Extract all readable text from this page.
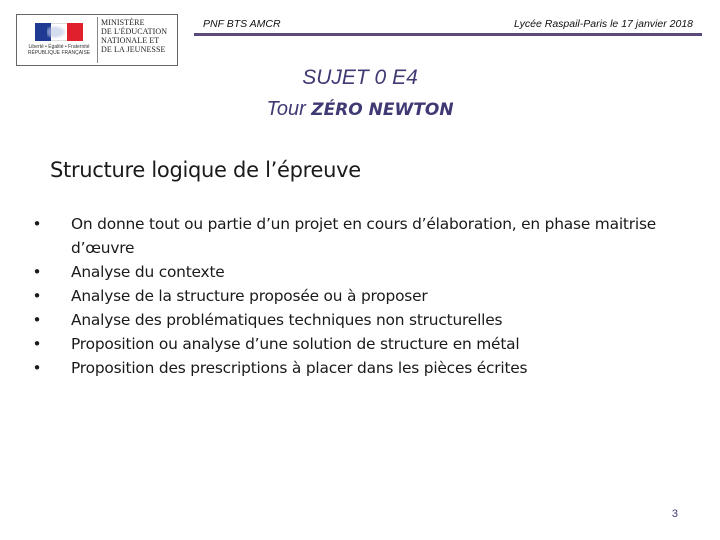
Liberté • Égalité • Fraternité
RÉPUBLIQUE FRANÇAISE
MINISTÈRE
DE L'ÉDUCATION
NATIONALE ET
DE LA JEUNESSE
PNF BTS AMCR	Lycée Raspail-Paris le 17 janvier 2018
SUJET 0 E4
Tour ZÉRO NEWTON
Structure logique de l’épreuve
• On donne tout ou partie d’un projet en cours d’élaboration, en phase maitrise d’œuvre
• Analyse du contexte
• Analyse de la structure proposée ou à proposer
• Analyse des problématiques techniques non structurelles
• Proposition ou analyse d’une solution de structure en métal
• Proposition des prescriptions à placer dans les pièces écrites
3
